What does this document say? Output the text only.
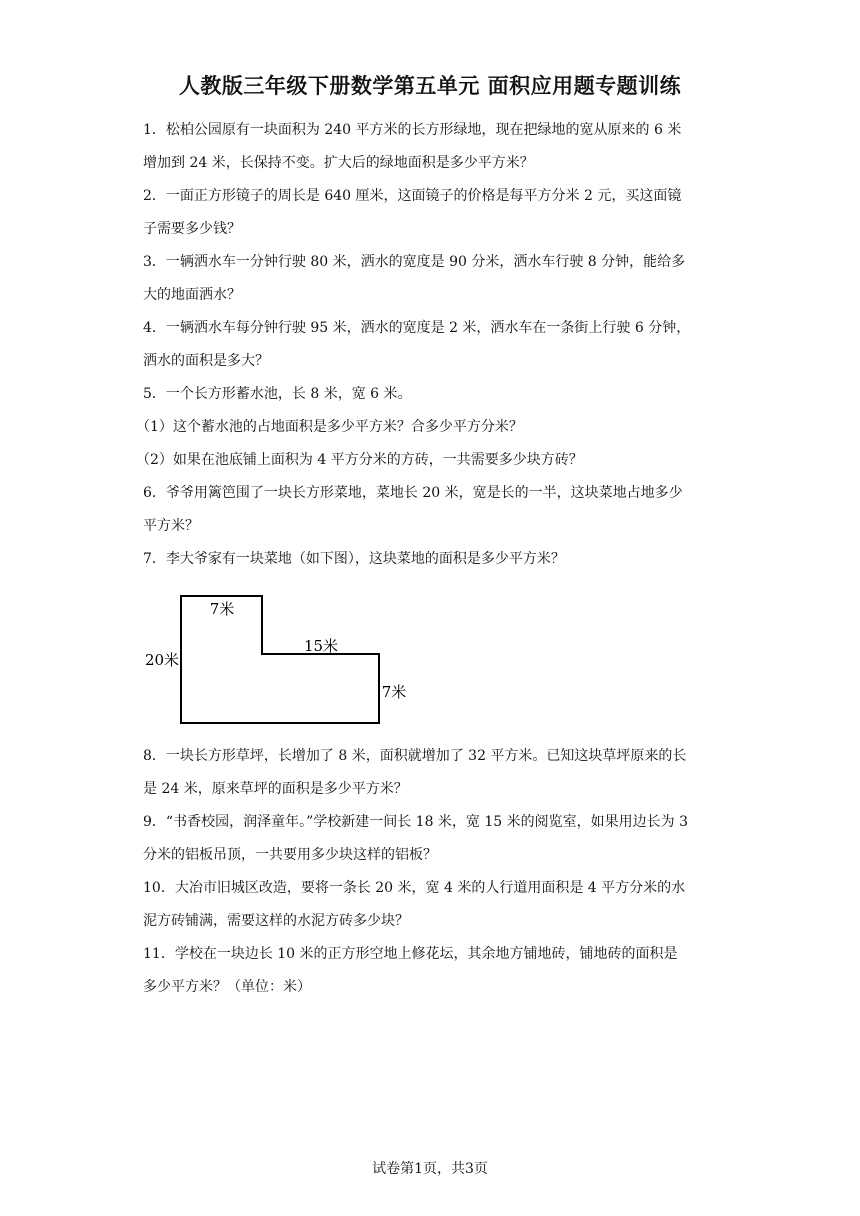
人教版三年级下册数学第五单元 面积应用题专题训练
1．松柏公园原有一块面积为 240 平方米的长方形绿地，现在把绿地的宽从原来的 6 米
增加到 24 米，长保持不变。扩大后的绿地面积是多少平方米？
2．一面正方形镜子的周长是 640 厘米，这面镜子的价格是每平方分米 2 元，买这面镜
子需要多少钱？
3．一辆洒水车一分钟行驶 80 米，洒水的宽度是 90 分米，洒水车行驶 8 分钟，能给多
大的地面洒水？
4．一辆洒水车每分钟行驶 95 米，洒水的宽度是 2 米，洒水车在一条街上行驶 6 分钟，
洒水的面积是多大？
5．一个长方形蓄水池，长 8 米，宽 6 米。
（1）这个蓄水池的占地面积是多少平方米？合多少平方分米？
（2）如果在池底铺上面积为 4 平方分米的方砖，一共需要多少块方砖？
6．爷爷用篱笆围了一块长方形菜地，菜地长 20 米，宽是长的一半，这块菜地占地多少
平方米？
7．李大爷家有一块菜地（如下图），这块菜地的面积是多少平方米？
7米
15米
20米
7米
8．一块长方形草坪，长增加了 8 米，面积就增加了 32 平方米。已知这块草坪原来的长
是 24 米，原来草坪的面积是多少平方米？
9．“书香校园，润泽童年。”学校新建一间长 18 米，宽 15 米的阅览室，如果用边长为 3
分米的铝板吊顶，一共要用多少块这样的铝板？
10．大冶市旧城区改造，要将一条长 20 米，宽 4 米的人行道用面积是 4 平方分米的水
泥方砖铺满，需要这样的水泥方砖多少块？
11．学校在一块边长 10 米的正方形空地上修花坛，其余地方铺地砖，铺地砖的面积是
多少平方米？（单位：米）
试卷第1页，共3页
